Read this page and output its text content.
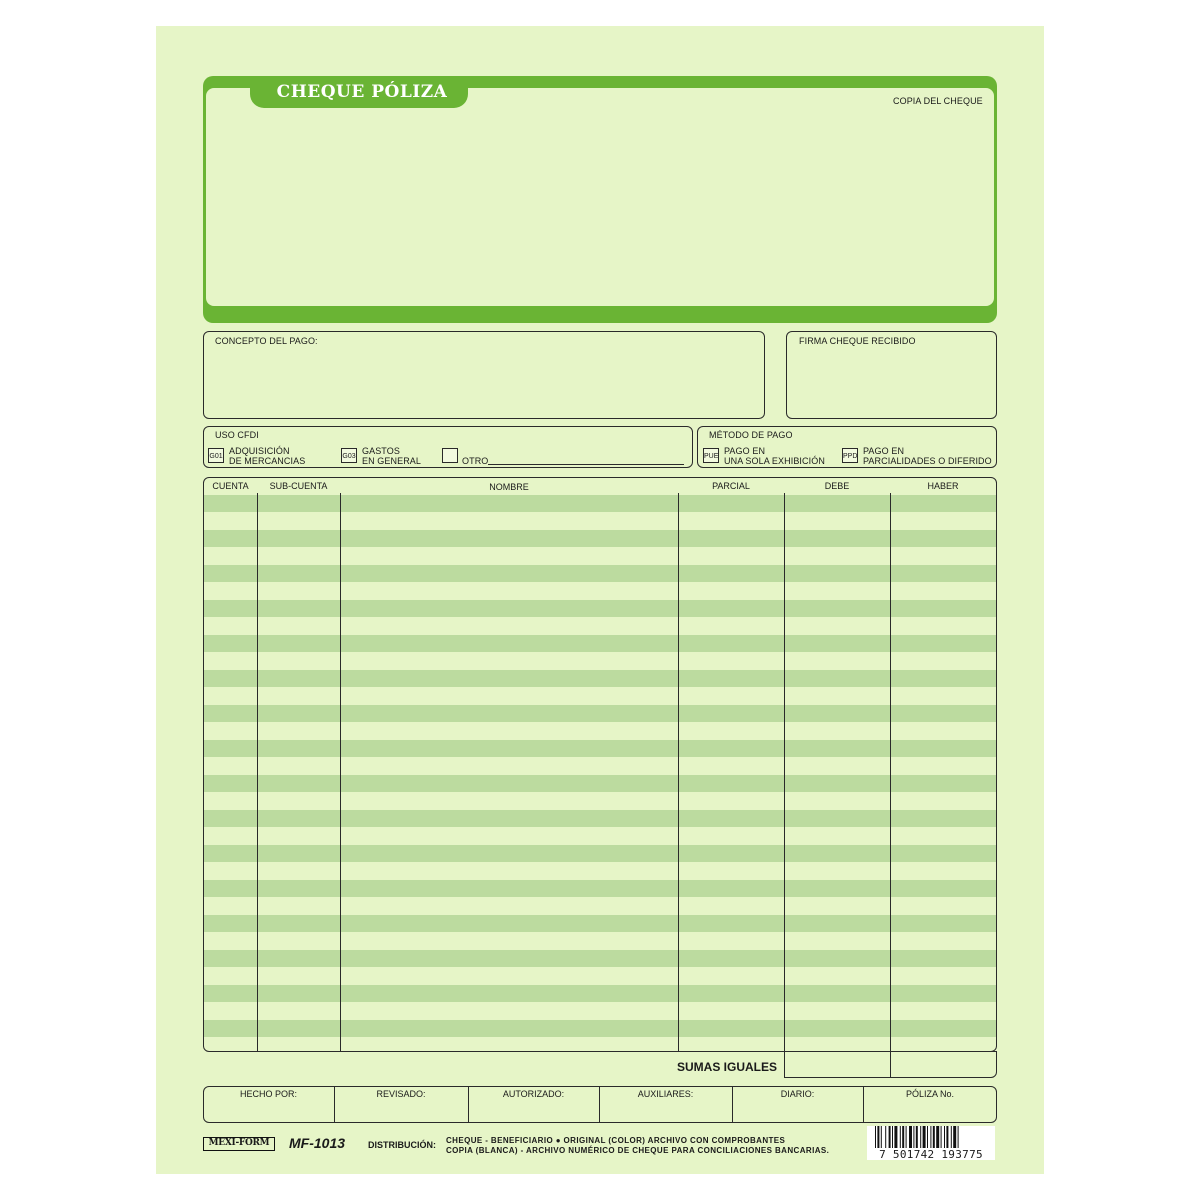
CHEQUE PÓLIZA	COPIA DEL CHEQUE
CONCEPTO DEL PAGO:	FIRMA CHEQUE RECIBIDO
USO CFDI
G01
ADQUISICIÓN
DE MERCANCIAS	G03
GASTOS
EN GENERAL	OTRO
MÉTODO DE PAGO
PUE
PAGO EN
UNA SOLA EXHIBICIÓN	PPD
PAGO EN
PARCIALIDADES O DIFERIDO
CUENTA	SUB-CUENTA	NOMBRE	PARCIAL	DEBE	HABER
SUMAS IGUALES
HECHO POR:	REVISADO:	AUTORIZADO:	AUXILIARES:	DIARIO:	PÓLIZA No.
MEXI-FORM	MF-1013	DISTRIBUCIÓN: CHEQUE - BENEFICIARIO ● ORIGINAL (COLOR) ARCHIVO CON COMPROBANTES
COPIA (BLANCA) - ARCHIVO NUMÉRICO DE CHEQUE PARA CONCILIACIONES BANCARIAS.	7 501742 193775
